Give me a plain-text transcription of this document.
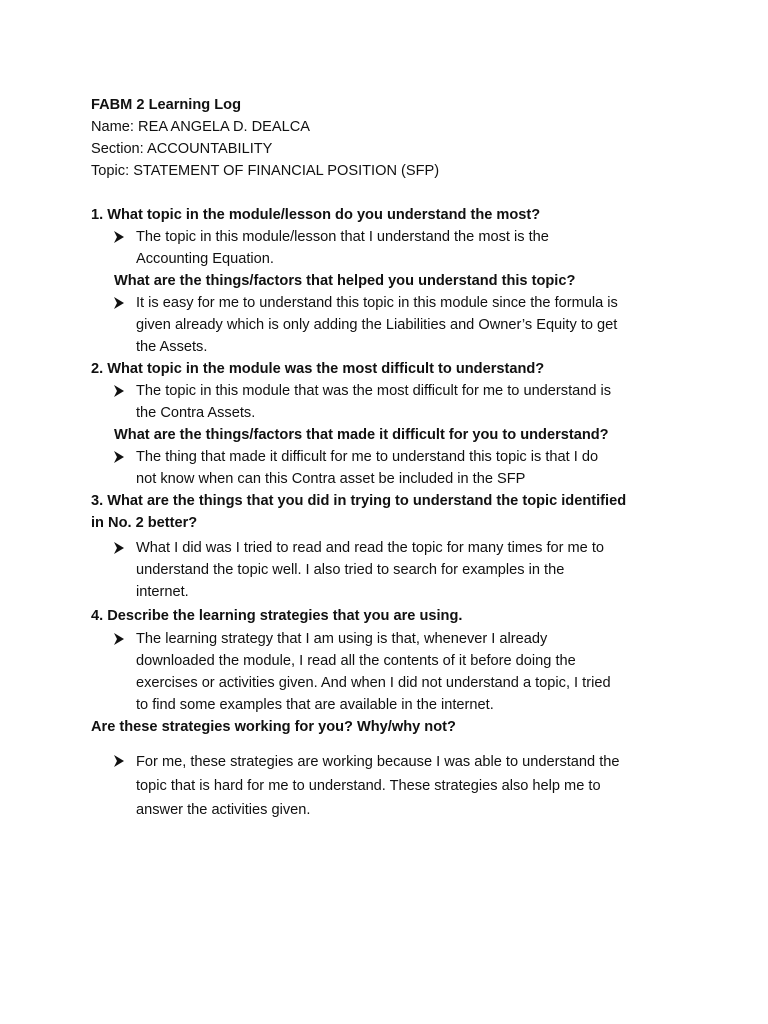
FABM 2 Learning Log
Name: REA ANGELA D. DEALCA
Section: ACCOUNTABILITY
Topic: STATEMENT OF FINANCIAL POSITION (SFP)
1. What topic in the module/lesson do you understand the most?
The topic in this module/lesson that I understand the most is the
Accounting Equation.
What are the things/factors that helped you understand this topic?
It is easy for me to understand this topic in this module since the formula is
given already which is only adding the Liabilities and Owner’s Equity to get
the Assets.
2. What topic in the module was the most difficult to understand?
The topic in this module that was the most difficult for me to understand is
the Contra Assets.
What are the things/factors that made it difficult for you to understand?
The thing that made it difficult for me to understand this topic is that I do
not know when can this Contra asset be included in the SFP
3. What are the things that you did in trying to understand the topic identified
in No. 2 better?
What I did was I tried to read and read the topic for many times for me to
understand the topic well. I also tried to search for examples in the
internet.
4. Describe the learning strategies that you are using.
The learning strategy that I am using is that, whenever I already
downloaded the module, I read all the contents of it before doing the
exercises or activities given. And when I did not understand a topic, I tried
to find some examples that are available in the internet.
Are these strategies working for you? Why/why not?
For me, these strategies are working because I was able to understand the
topic that is hard for me to understand. These strategies also help me to
answer the activities given.
